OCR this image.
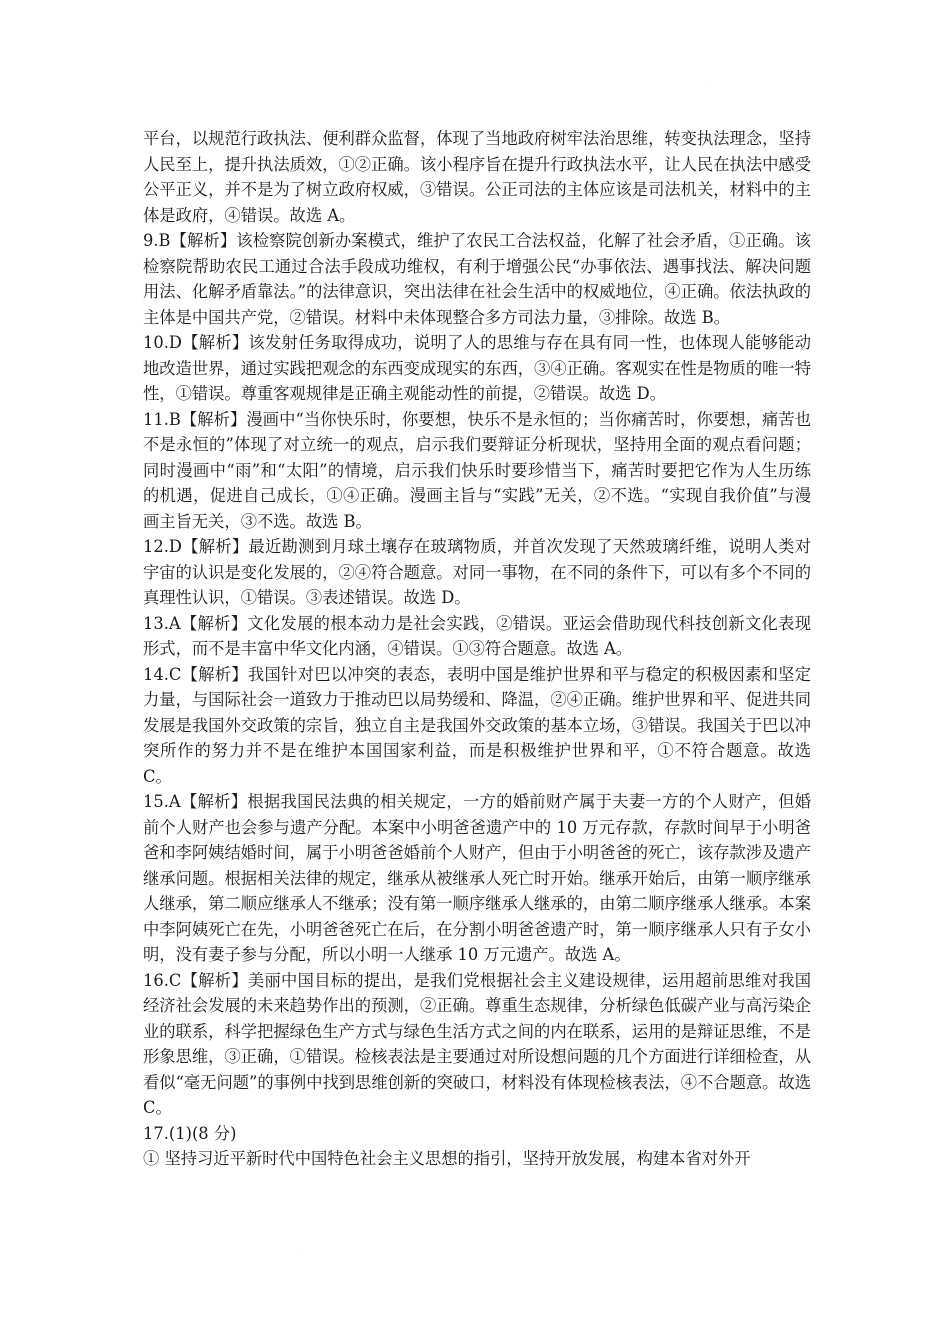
·
·

平台，以规范行政执法、便利群众监督，体现了当地政府树牢法治思维，转变执法理念，坚持人民至上，提升执法质效，①②正确。该小程序旨在提升行政执法水平，让人民在执法中感受公平正义，并不是为了树立政府权威，③错误。公正司法的主体应该是司法机关，材料中的主体是政府，④错误。故选 A。

9.B【解析】该检察院创新办案模式，维护了农民工合法权益，化解了社会矛盾，①正确。该检察院帮助农民工通过合法手段成功维权，有利于增强公民“办事依法、遇事找法、解决问题用法、化解矛盾靠法。”的法律意识，突出法律在社会生活中的权威地位，④正确。依法执政的主体是中国共产党，②错误。材料中未体现整合多方司法力量，③排除。故选 B。

10.D【解析】该发射任务取得成功，说明了人的思维与存在具有同一性，也体现人能够能动地改造世界，通过实践把观念的东西变成现实的东西，③④正确。客观实在性是物质的唯一特性，①错误。尊重客观规律是正确主观能动性的前提，②错误。故选 D。

11.B【解析】漫画中“当你快乐时，你要想，快乐不是永恒的；当你痛苦时，你要想，痛苦也不是永恒的”体现了对立统一的观点，启示我们要辩证分析现状，坚持用全面的观点看问题；同时漫画中“雨”和“太阳”的情境，启示我们快乐时要珍惜当下，痛苦时要把它作为人生历练的机遇，促进自己成长，①④正确。漫画主旨与“实践”无关，②不选。“实现自我价值”与漫画主旨无关，③不选。故选 B。

12.D【解析】最近勘测到月球土壤存在玻璃物质，并首次发现了天然玻璃纤维，说明人类对宇宙的认识是变化发展的，②④符合题意。对同一事物，在不同的条件下，可以有多个不同的真理性认识，①错误。③表述错误。故选 D。

13.A【解析】文化发展的根本动力是社会实践，②错误。亚运会借助现代科技创新文化表现形式，而不是丰富中华文化内涵，④错误。①③符合题意。故选 A。

14.C【解析】我国针对巴以冲突的表态，表明中国是维护世界和平与稳定的积极因素和坚定力量，与国际社会一道致力于推动巴以局势缓和、降温，②④正确。维护世界和平、促进共同发展是我国外交政策的宗旨，独立自主是我国外交政策的基本立场，③错误。我国关于巴以冲突所作的努力并不是在维护本国国家利益，而是积极维护世界和平，①不符合题意。故选 C。

15.A【解析】根据我国民法典的相关规定，一方的婚前财产属于夫妻一方的个人财产，但婚前个人财产也会参与遗产分配。本案中小明爸爸遗产中的 10 万元存款，存款时间早于小明爸爸和李阿姨结婚时间，属于小明爸爸婚前个人财产，但由于小明爸爸的死亡，该存款涉及遗产继承问题。根据相关法律的规定，继承从被继承人死亡时开始。继承开始后，由第一顺序继承人继承，第二顺应继承人不继承；没有第一顺序继承人继承的，由第二顺序继承人继承。本案中李阿姨死亡在先，小明爸爸死亡在后，在分割小明爸爸遗产时，第一顺序继承人只有子女小明，没有妻子参与分配，所以小明一人继承 10 万元遗产。故选 A。

16.C【解析】美丽中国目标的提出，是我们党根据社会主义建设规律，运用超前思维对我国经济社会发展的未来趋势作出的预测，②正确。尊重生态规律，分析绿色低碳产业与高污染企业的联系，科学把握绿色生产方式与绿色生活方式之间的内在联系，运用的是辩证思维，不是形象思维，③正确，①错误。检核表法是主要通过对所设想问题的几个方面进行详细检查，从看似“毫无问题”的事例中找到思维创新的突破口，材料没有体现检核表法，④不合题意。故选 C。

17.(1)(8 分)

① 坚持习近平新时代中国特色社会主义思想的指引，坚持开放发展，构建本省对外开
